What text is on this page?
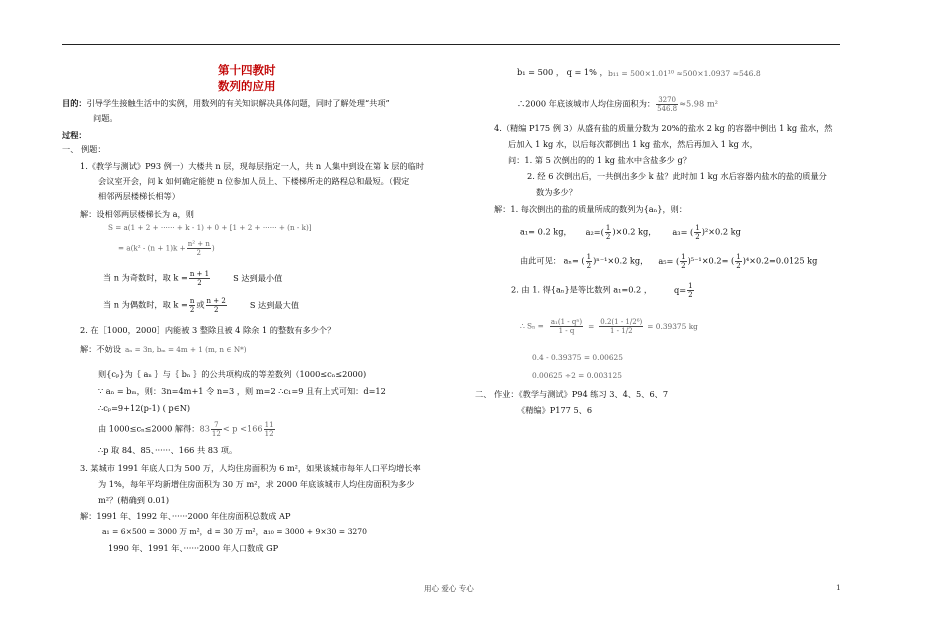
第十四教时
数列的应用
目的：引导学生接触生活中的实例，用数列的有关知识解决具体问题，同时了解处理“共项”
问题。
过程：
一、 例题：
1.《教学与测试》P93 例一）大楼共 n 层，现每层指定一人，共 n 人集中到设在第 k 层的临时
会议室开会，问 k 如何确定能使 n 位参加人员上、下楼梯所走的路程总和最短。（假定
相邻两层楼梯长相等）
解：设相邻两层楼梯长为 a，则
S = a(1 + 2 + ······ + k - 1) + 0 + [1 + 2 + ······ + (n - k)]
= $a(k^2 - (n + 1)k + \frac{\text{n² + n}}{2}$ )
当 n 为奇数时，取 $k = \frac{n + 1}{2}$	S 达到最小值
当 n 为偶数时，取 $k = \frac{n}{2}$ 或 $\frac{n + 2}{2}$	S 达到最大值
2. 在［1000，2000］内能被 3 整除且被 4 除余 1 的整数有多少个？
解：不妨设 aₙ = 3n, bₘ = 4m + 1 (m, n ∈ N*)
则{cₚ}为｛ aₙ ｝与｛ bₙ ｝的公共项构成的等差数列（1000≤cₙ≤2000)
∵ aₙ = bₘ，则：3n=4m+1 令 n=3 ，则 m=2 ∴c₁=9 且有上式可知：d=12
∴cₚ=9+12(p-1) ( p∈N)
由 1000≤cₙ≤2000 解得：$83 \frac{7}{12} < p <166 \frac{11}{12}$
∴p 取 84、85、······、166 共 83 项。
3. 某城市 1991 年底人口为 500 万，人均住房面积为 6 m²，如果该城市每年人口平均增长率
为 1%，每年平均新增住房面积为 30 万 m²，求 2000 年底该城市人均住房面积为多少
m²？(精确到 0.01)
解：1991 年、1992 年、······2000 年住房面积总数成 AP
a₁ = 6×500 = 3000 万 m²，d = 30 万 m²，a₁₀ = 3000 + 9×30 = 3270
1990 年、1991 年、······2000 年人口数成 GP
b₁ = 500 ， q = 1% ， b₁₁ = 500×1.01¹⁰ ≈500×1.0937 ≈546.8
∴2000 年底该城市人均住房面积为： $\frac{3270}{546.8} \approx 5.98$ m²
4.（精编 P175 例 3）从盛有盐的质量分数为 20%的盐水 2 kg 的容器中倒出 1 kg 盐水，然
后加入 1 kg 水，以后每次都倒出 1 kg 盐水，然后再加入 1 kg 水，
问：1. 第 5 次倒出的的 1 kg 盐水中含盐多少 g？
2. 经 6 次倒出后，一共倒出多少 k 盐？此时加 1 kg 水后容器内盐水的盐的质量分
数为多少？
解：1. 每次倒出的盐的质量所成的数列为{aₙ}，则：
a₁= 0.2 kg， $a_2=( \frac{1}{2} )\times 0.2$ kg， a₃= ( $\frac{1}{2} )^2\times 0.2$ kg
由此可见： aₙ= ( $\frac{1}{2} )^{n-1}\times 0.2$ kg， a₅= ( $\frac{1}{2} )^{5-1}\times 0.2=$ ( $\frac{1}{2} )^4\times 0.2=0.0125$ kg
2. 由 1. 得{aₙ}是等比数列 a₁=0.2 ，	$q= \frac{1}{2}$
∴ $S_n = \frac{\text{a₁(1 - qⁿ)}}{1 - q} = \frac{\text{0.2(1 - 1/2⁶)}}{1 - 1/2} = 0.39375$ kg
0.4 - 0.39375 = 0.00625
0.00625 ÷2 = 0.003125
二、 作业：《教学与测试》P94 练习 3、4、5、6、7
《精编》P177 5、6
用心 爱心 专心	1
